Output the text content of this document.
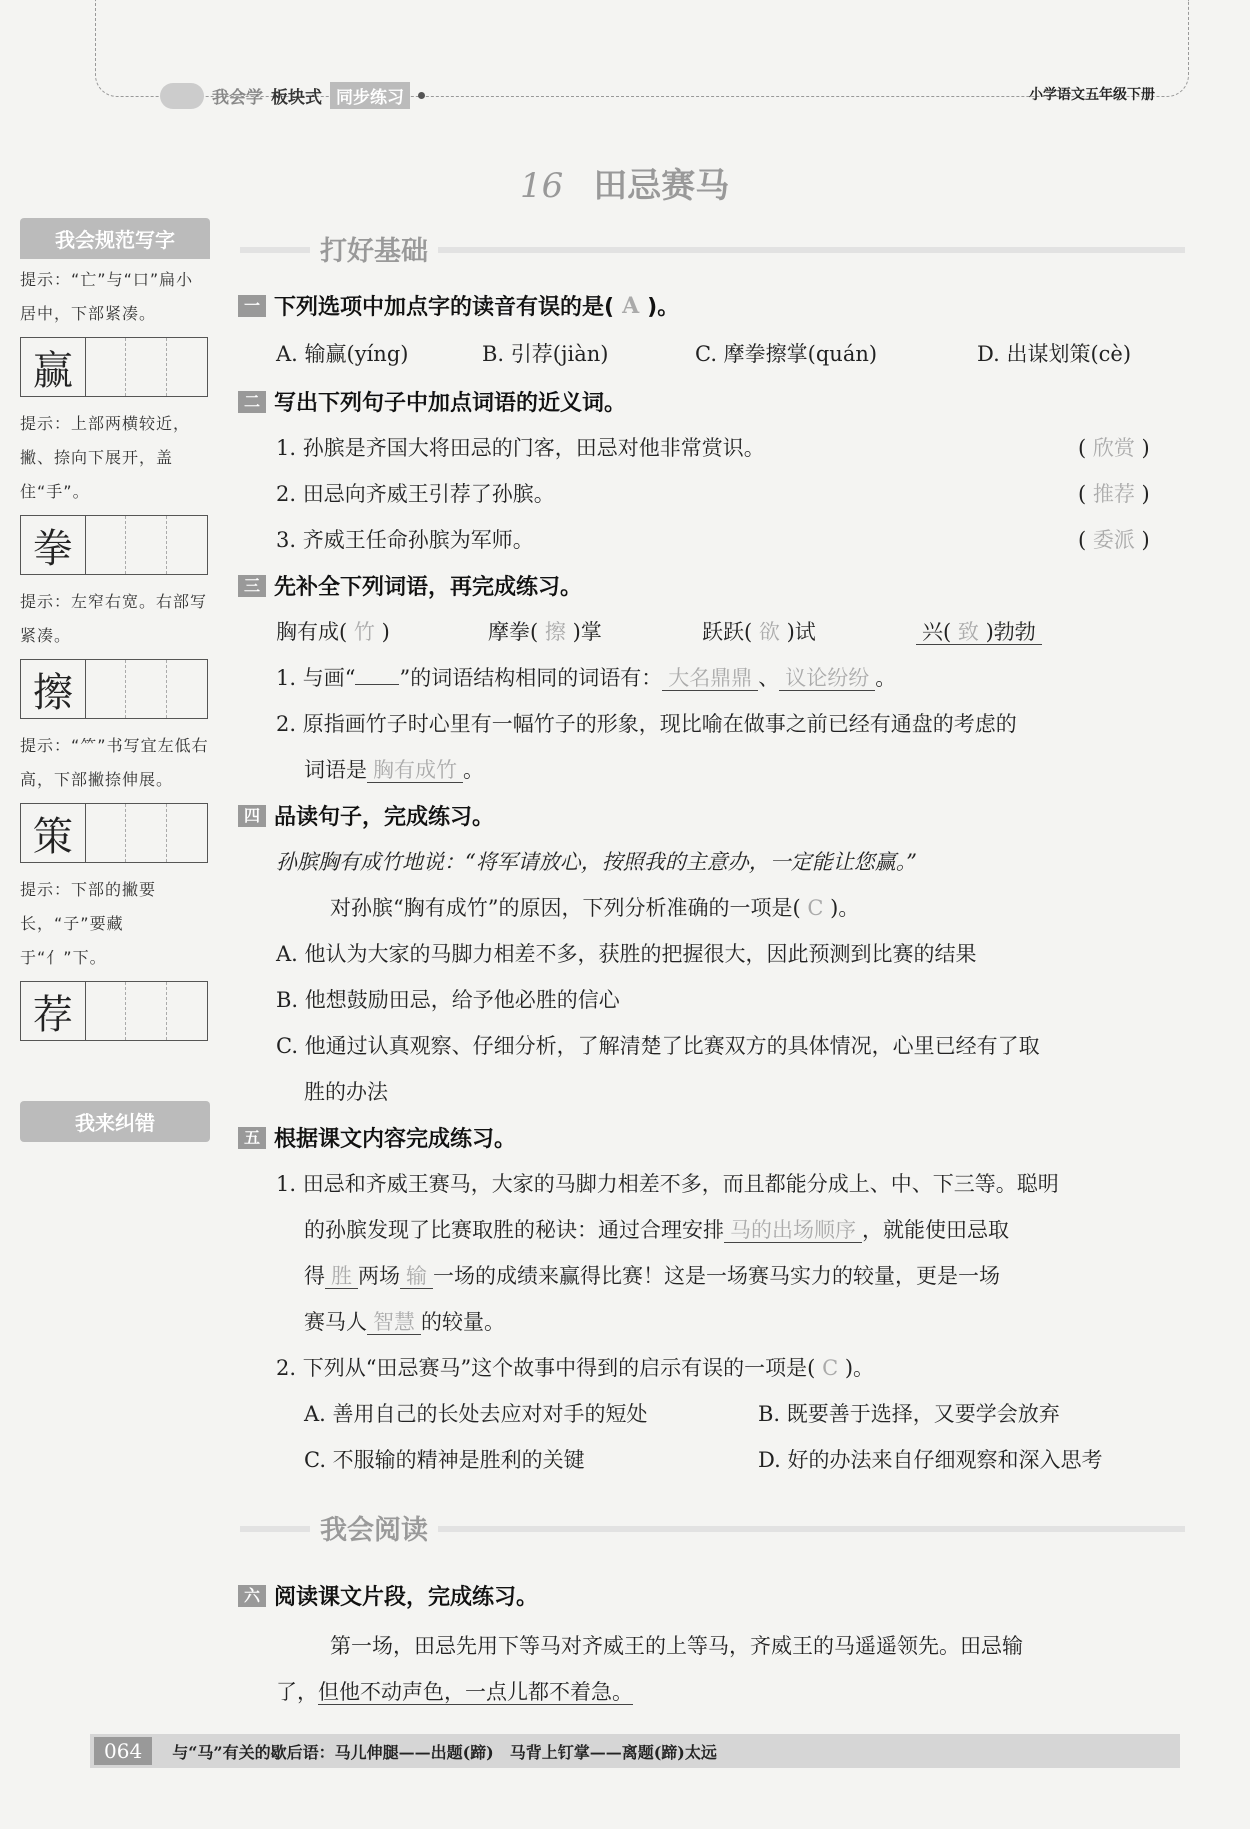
我会学 板块式 同步练习	小学语文五年级下册
16 田忌赛马
打好基础
我会规范写字
提示：“亡”与“口”扁小居中，下部紧凑。
赢
提示：上部两横较近，撇、捺向下展开，盖住“手”。
拳
提示：左窄右宽。右部写紧凑。
擦
提示：“⺮”书写宜左低右高，下部撇捺伸展。
策
提示：下部的撇要长，“子”要藏于“亻”下。
荐
我来纠错
一 下列选项中加点字的读音有误的是( A )。
A. 输赢(yíng)	B. 引荐(jiàn)	C. 摩拳擦掌(quán)	D. 出谋划策(cè)
二 写出下列句子中加点词语的近义词。
1. 孙膑是齐国大将田忌的门客，田忌对他非常赏识。	( 欣赏 )
2. 田忌向齐威王引荐了孙膑。	( 推荐 )
3. 齐威王任命孙膑为军师。	( 委派 )
三 先补全下列词语，再完成练习。
胸有成( 竹 )	摩拳( 擦 )掌	跃跃( 欲 )试	兴( 致 )勃勃
1. 与画“ ”的词语结构相同的词语有： 大名鼎鼎 、 议论纷纷 。
2. 原指画竹子时心里有一幅竹子的形象，现比喻在做事之前已经有通盘的考虑的
词语是 胸有成竹 。
四 品读句子，完成练习。
孙膑胸有成竹地说：“将军请放心，按照我的主意办，一定能让您赢。”
对孙膑“胸有成竹”的原因，下列分析准确的一项是( C )。
A. 他认为大家的马脚力相差不多，获胜的把握很大，因此预测到比赛的结果
B. 他想鼓励田忌，给予他必胜的信心
C. 他通过认真观察、仔细分析，了解清楚了比赛双方的具体情况，心里已经有了取
胜的办法
五 根据课文内容完成练习。
1. 田忌和齐威王赛马，大家的马脚力相差不多，而且都能分成上、中、下三等。聪明
的孙膑发现了比赛取胜的秘诀：通过合理安排 马的出场顺序 ，就能使田忌取
得 胜 两场 输 一场的成绩来赢得比赛！这是一场赛马实力的较量，更是一场
赛马人 智慧 的较量。
2. 下列从“田忌赛马”这个故事中得到的启示有误的一项是( C )。
A. 善用自己的长处去应对对手的短处	B. 既要善于选择，又要学会放弃
C. 不服输的精神是胜利的关键	D. 好的办法来自仔细观察和深入思考
我会阅读
六 阅读课文片段，完成练习。
第一场，田忌先用下等马对齐威王的上等马，齐威王的马遥遥领先。田忌输
了，但他不动声色，一点儿都不着急。
064	与“马”有关的歇后语：马儿伸腿——出题(蹄)　马背上钉掌——离题(蹄)太远
